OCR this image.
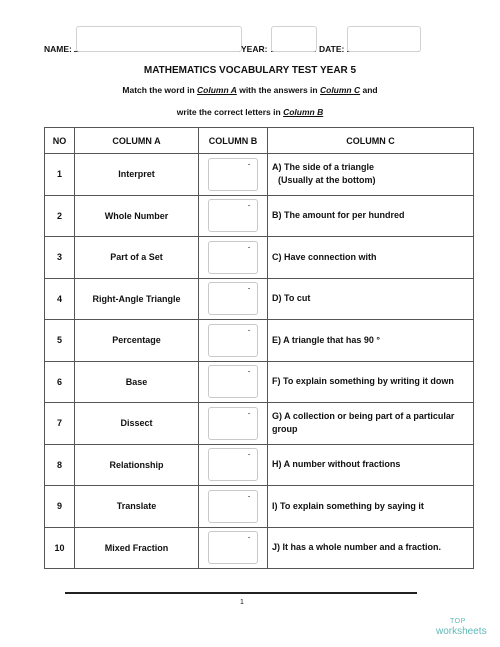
NAME:	YEAR:	DATE:
MATHEMATICS VOCABULARY TEST YEAR 5
Match the word in Column A with the answers in Column C and
write the correct letters in Column B
NO	COLUMN A	COLUMN B	COLUMN C
1	Interpret	ˇ	A) The side of a triangle
(Usually at the bottom)
2	Whole Number	ˇ	B) The amount for per hundred
3	Part of a Set	ˇ	C) Have connection with
4	Right-Angle Triangle	ˇ	D) To cut
5	Percentage	ˇ	E) A triangle that has 90 °
6	Base	ˇ	F) To explain something by writing it down
7	Dissect	ˇ	G) A collection or being part of a particular group
8	Relationship	ˇ	H) A number without fractions
9	Translate	ˇ	I) To explain something by saying it
10	Mixed Fraction	ˇ	J) It has a whole number and a fraction.
1
TOP
worksheets
